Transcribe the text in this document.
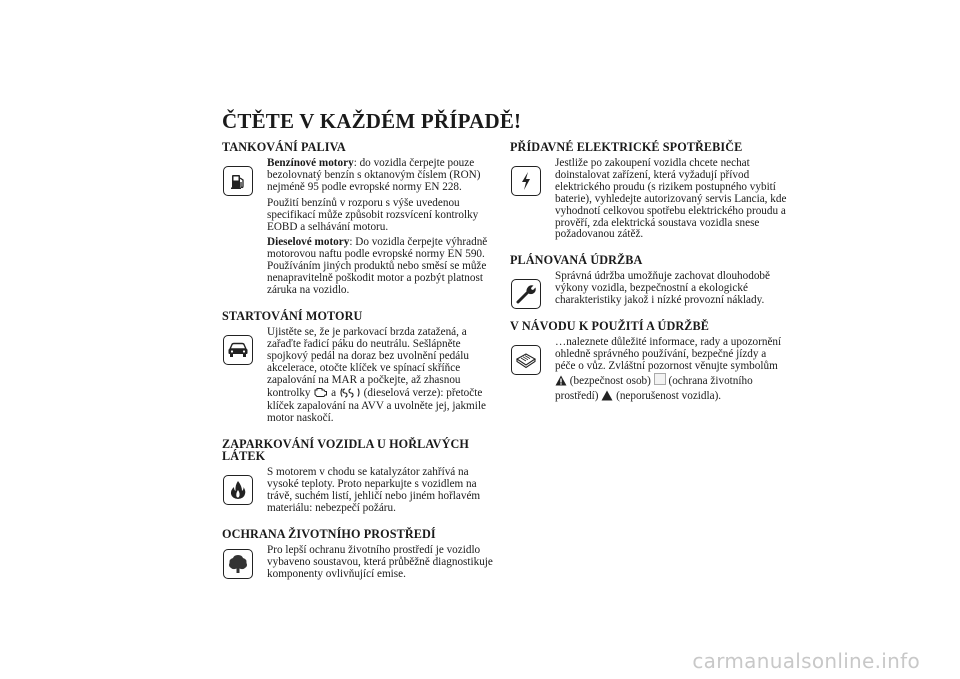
ČTĚTE V KAŽDÉM PŘÍPADĚ!
TANKOVÁNÍ PALIVA

Benzínové motory: do vozidla čerpejte pouze bezolovnatý benzín s oktanovým číslem (RON) nejméně 95 podle evropské normy EN 228.

Použití benzínů v rozporu s výše uvedenou specifikací může způsobit rozsvícení kontrolky EOBD a selhávání motoru.

Dieselové motory: Do vozidla čerpejte výhradně motorovou naftu podle evropské normy EN 590. Používáním jiných produktů nebo směsí se může nenapravitelně poškodit motor a pozbýt platnost záruka na vozidlo.

STARTOVÁNÍ MOTORU

Ujistěte se, že je parkovací brzda zatažená, a zařaďte řadicí páku do neutrálu. Sešlápněte spojkový pedál na doraz bez uvolnění pedálu akcelerace, otočte klíček ve spínací skříňce zapalování na MAR a počkejte, až zhasnou kontrolky a (dieselová verze): přetočte klíček zapalování na AVV a uvolněte jej, jakmile motor naskočí.

ZAPARKOVÁNÍ VOZIDLA U HOŘLAVÝCH LÁTEK

S motorem v chodu se katalyzátor zahřívá na vysoké teploty. Proto neparkujte s vozidlem na trávě, suchém listí, jehličí nebo jiném hořlavém materiálu: nebezpečí požáru.

OCHRANA ŽIVOTNÍHO PROSTŘEDÍ

Pro lepší ochranu životního prostředí je vozidlo vybaveno soustavou, která průběžně diagnostikuje komponenty ovlivňující emise.

PŘÍDAVNÉ ELEKTRICKÉ SPOTŘEBIČE

Jestliže po zakoupení vozidla chcete nechat doinstalovat zařízení, která vyžadují přívod elektrického proudu (s rizikem postupného vybití baterie), vyhledejte autorizovaný servis Lancia, kde vyhodnotí celkovou spotřebu elektrického proudu a prověří, zda elektrická soustava vozidla snese požadovanou zátěž.

PLÁNOVANÁ ÚDRŽBA

Správná údržba umožňuje zachovat dlouhodobě výkony vozidla, bezpečnostní a ekologické charakteristiky jakož i nízké provozní náklady.

V NÁVODU K POUŽITÍ A ÚDRŽBĚ

…naleznete důležité informace, rady a upozornění ohledně správného používání, bezpečné jízdy a péče o vůz. Zvláštní pozornost věnujte symbolům  (bezpečnost osob) (ochrana životního prostředí) (neporušenost vozidla).

carmanualsonline.info
